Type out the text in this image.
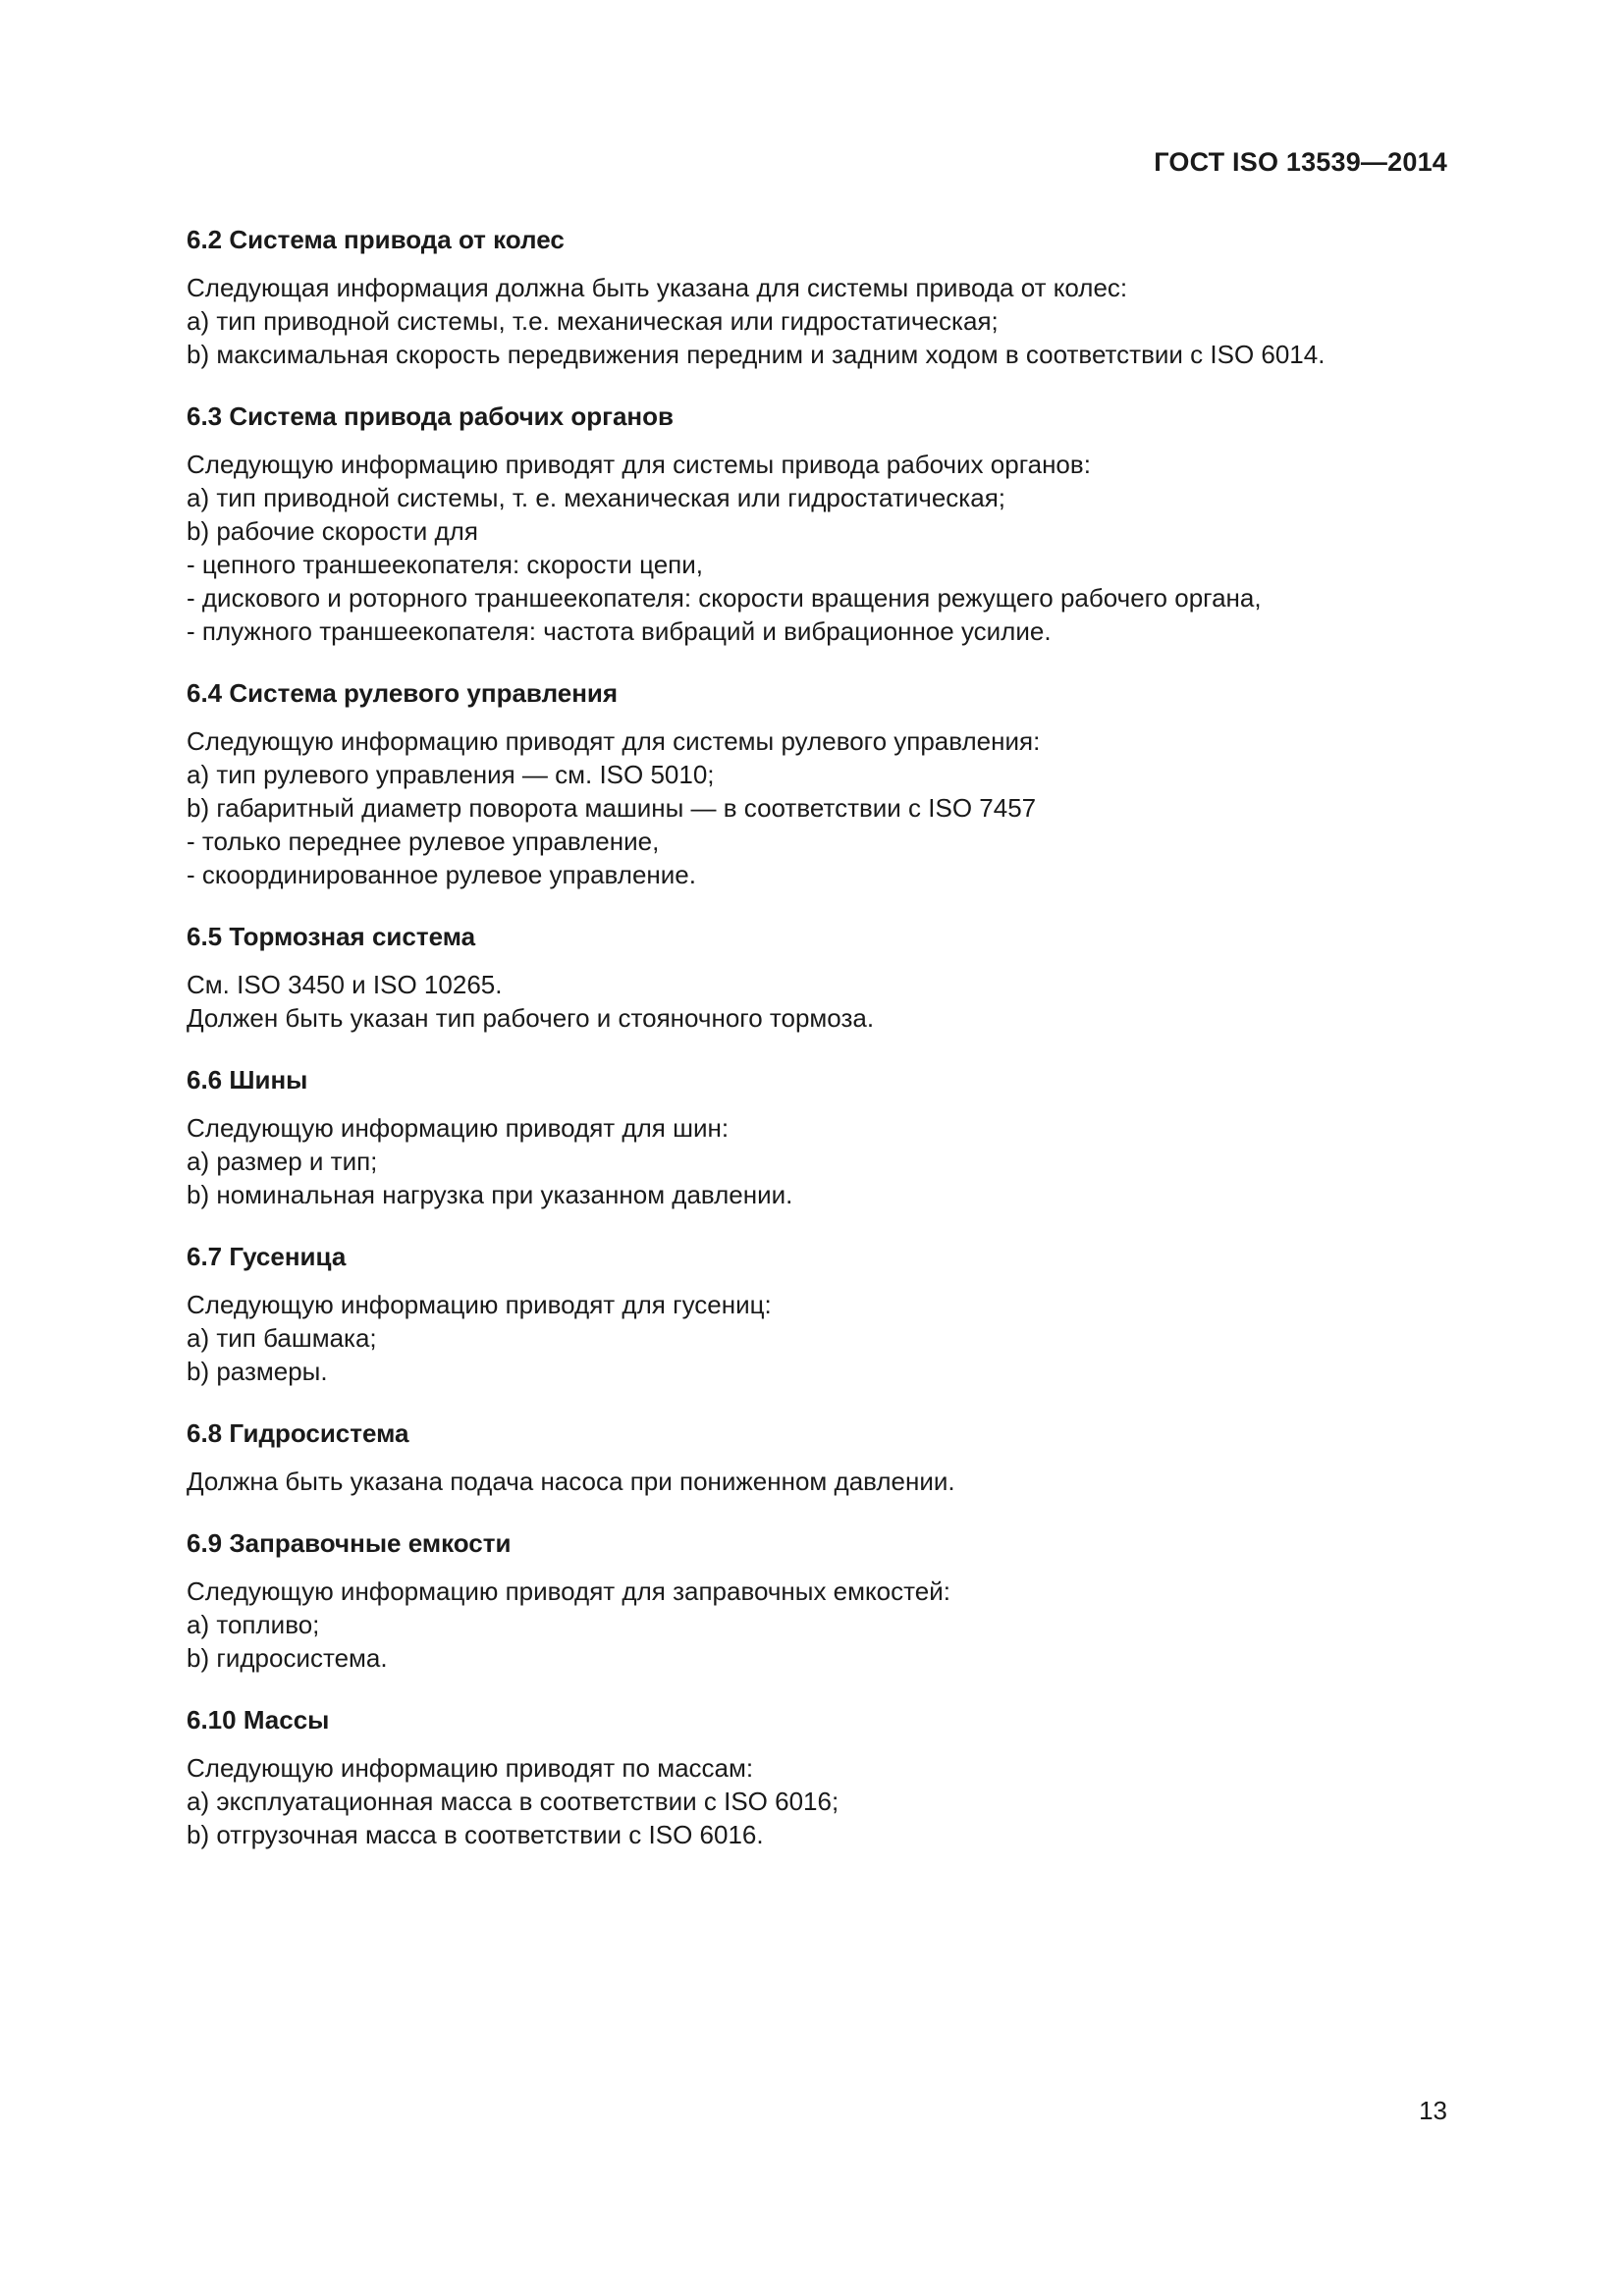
ГОСТ ISO 13539—2014
6.2 Система привода от колес
Следующая информация должна быть указана для системы привода от колес:
a) тип приводной системы, т.е. механическая или гидростатическая;
b) максимальная скорость передвижения передним и задним ходом в соответствии с ISO 6014.
6.3 Система привода рабочих органов
Следующую информацию приводят для системы привода рабочих органов:
a) тип приводной системы, т. е. механическая или гидростатическая;
b) рабочие скорости для
- цепного траншеекопателя: скорости цепи,
- дискового и роторного траншеекопателя: скорости вращения режущего рабочего органа,
- плужного траншеекопателя: частота вибраций и вибрационное усилие.
6.4 Система рулевого управления
Следующую информацию приводят для системы рулевого управления:
a) тип рулевого управления — см. ISO 5010;
b) габаритный диаметр поворота машины — в соответствии с ISO 7457
- только переднее рулевое управление,
- скоординированное рулевое управление.
6.5 Тормозная система
См. ISO 3450 и ISO 10265.
Должен быть указан тип рабочего и стояночного тормоза.
6.6 Шины
Следующую информацию приводят для шин:
a) размер и тип;
b) номинальная нагрузка при указанном давлении.
6.7 Гусеница
Следующую информацию приводят для гусениц:
a) тип башмака;
b) размеры.
6.8 Гидросистема
Должна быть указана подача насоса при пониженном давлении.
6.9 Заправочные емкости
Следующую информацию приводят для заправочных емкостей:
a) топливо;
b) гидросистема.
6.10 Массы
Следующую информацию приводят по массам:
a) эксплуатационная масса в соответствии с ISO 6016;
b) отгрузочная масса в соответствии с ISO 6016.
13
